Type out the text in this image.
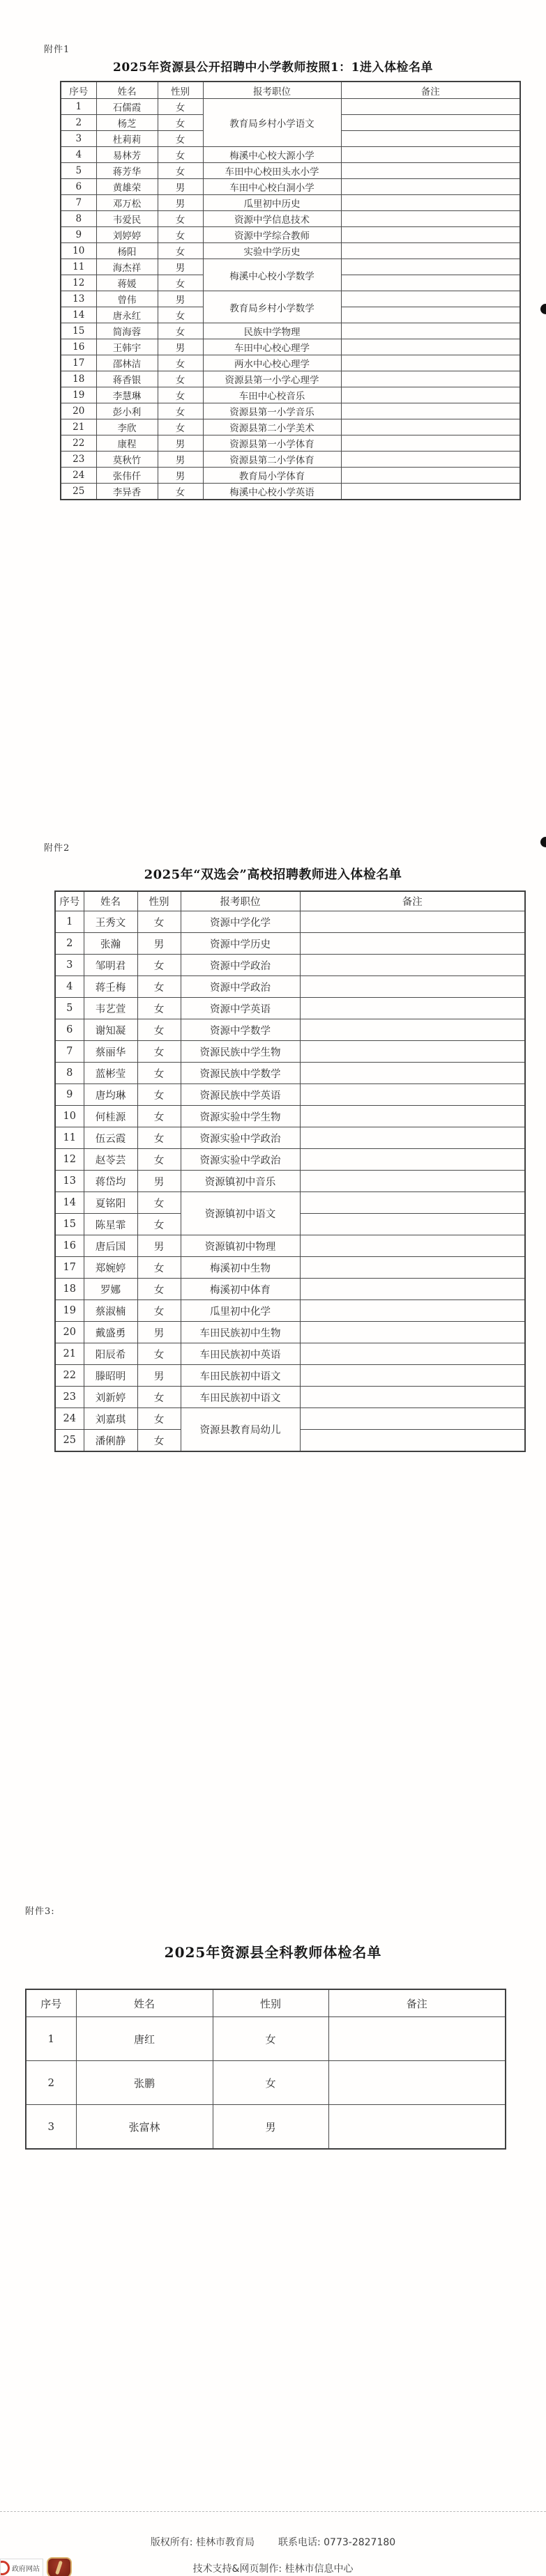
附件1
2025年资源县公开招聘中小学教师按照1：1进入体检名单
序号	姓名	性别	报考职位	备注
1	石儒霞	女	教育局乡村小学语文	
2	杨芝	女		
3	杜莉莉	女		
4	易林芳	女	梅溪中心校大源小学	
5	蒋芳华	女	车田中心校田头水小学	
6	黄雄荣	男	车田中心校白洞小学	
7	邓万松	男	瓜里初中历史	
8	韦爱民	女	资源中学信息技术	
9	刘婷婷	女	资源中学综合教师	
10	杨阳	女	实验中学历史	
11	海杰祥	男	梅溪中心校小学数学	
12	蒋媛	女		
13	曾伟	男	教育局乡村小学数学	
14	唐永红	女		
15	简海蓉	女	民族中学物理	
16	王韩宇	男	车田中心校心理学	
17	邵林洁	女	两水中心校心理学	
18	蒋香银	女	资源县第一小学心理学	
19	李慧琳	女	车田中心校音乐	
20	彭小利	女	资源县第一小学音乐	
21	李欣	女	资源县第二小学美术	
22	康程	男	资源县第一小学体育	
23	莫秋竹	男	资源县第二小学体育	
24	张伟仟	男	教育局小学体育	
25	李异香	女	梅溪中心校小学英语	
附件2
2025年“双选会”高校招聘教师进入体检名单
序号	姓名	性别	报考职位	备注
1	王秀文	女	资源中学化学	
2	张瀚	男	资源中学历史	
3	邹明君	女	资源中学政治	
4	蒋壬梅	女	资源中学政治	
5	韦艺萱	女	资源中学英语	
6	谢知凝	女	资源中学数学	
7	蔡丽华	女	资源民族中学生物	
8	蓝彬莹	女	资源民族中学数学	
9	唐均琳	女	资源民族中学英语	
10	何桂源	女	资源实验中学生物	
11	伍云霞	女	资源实验中学政治	
12	赵苓芸	女	资源实验中学政治	
13	蒋岱均	男	资源镇初中音乐	
14	夏铭阳	女	资源镇初中语文	
15	陈星霏	女		
16	唐后国	男	资源镇初中物理	
17	郑婉婷	女	梅溪初中生物	
18	罗娜	女	梅溪初中体育	
19	蔡淑楠	女	瓜里初中化学	
20	戴盛勇	男	车田民族初中生物	
21	阳辰希	女	车田民族初中英语	
22	滕昭明	男	车田民族初中语文	
23	刘新婷	女	车田民族初中语文	
24	刘嘉琪	女	资源县教育局幼儿	
25	潘俐静	女		
附件3:
2025年资源县全科教师体检名单
序号	姓名	性别	备注
1	唐红	女	
2	张鹏	女	
3	张富林	男	
版权所有: 桂林市教育局 联系电话: 0773-2827180
技术支持&网页制作: 桂林市信息中心
政府网站
